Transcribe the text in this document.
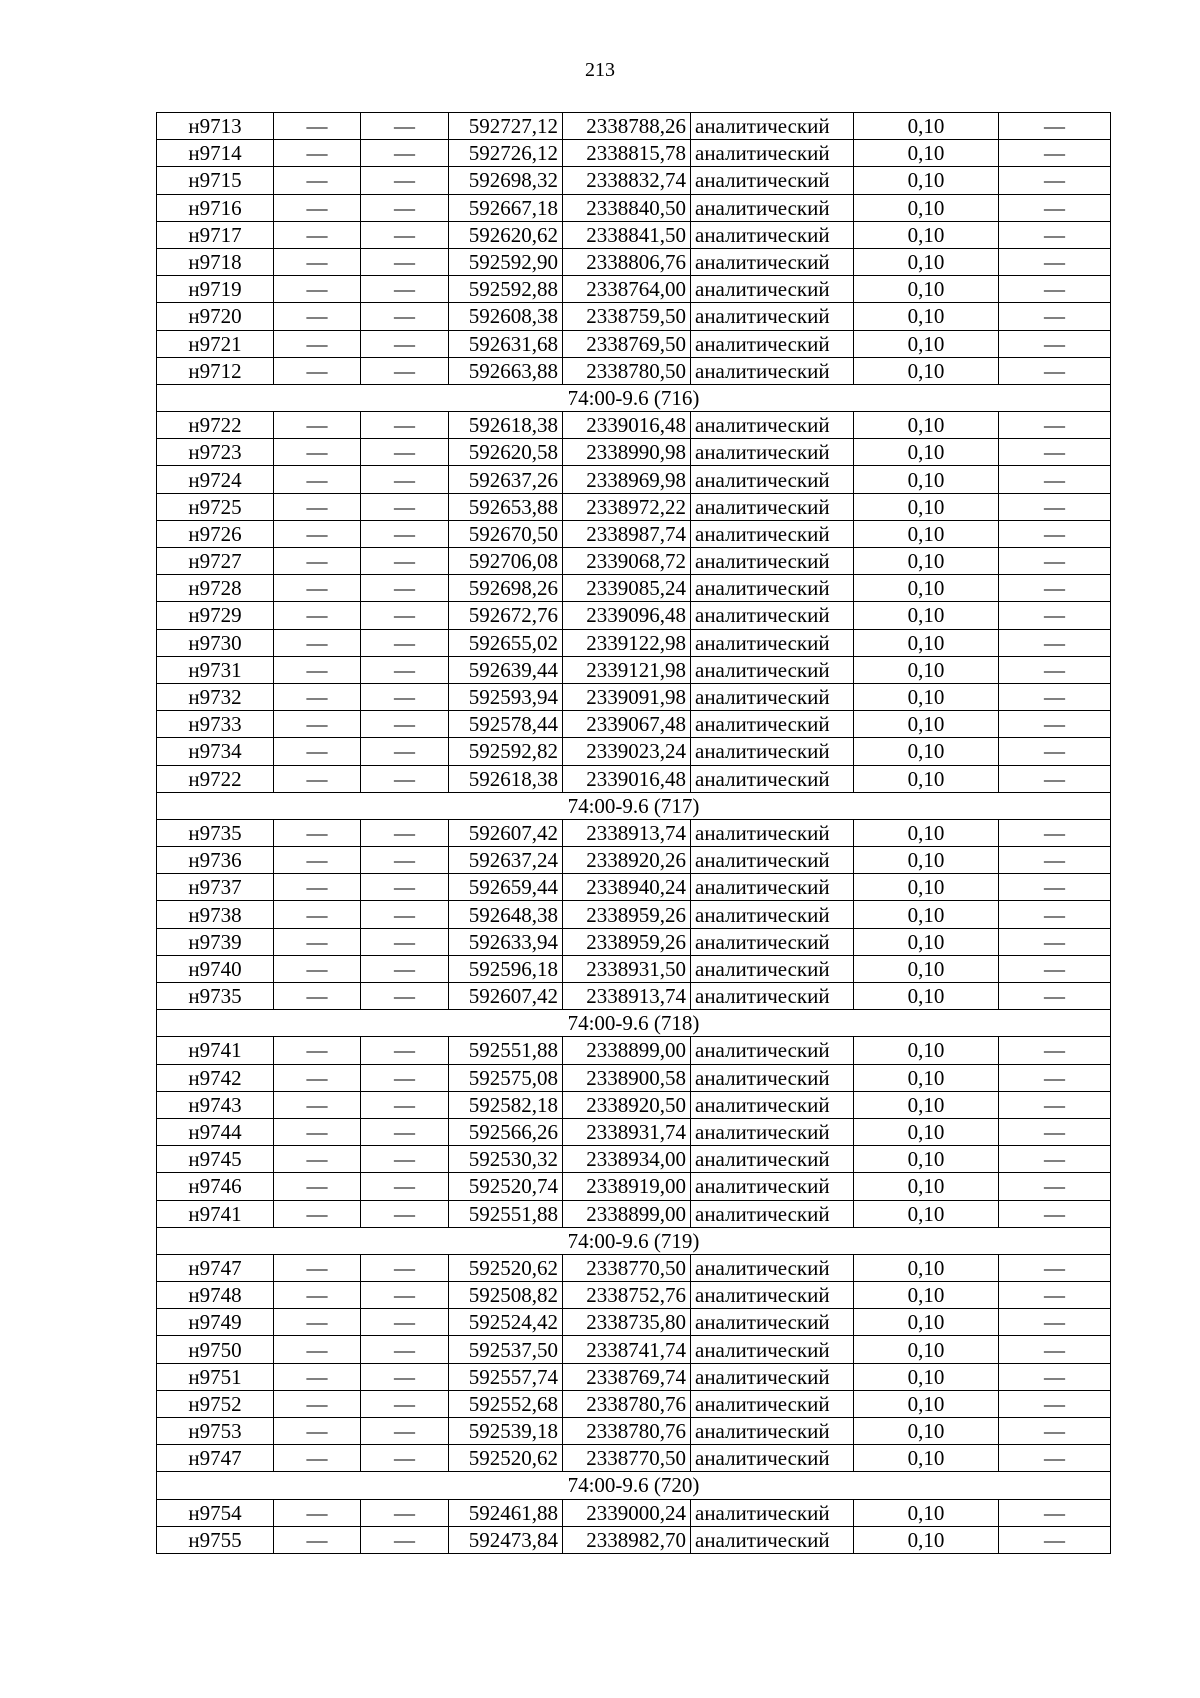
213
н9713	—	—	592727,12	2338788,26	аналитический	0,10	—
н9714	—	—	592726,12	2338815,78	аналитический	0,10	—
н9715	—	—	592698,32	2338832,74	аналитический	0,10	—
н9716	—	—	592667,18	2338840,50	аналитический	0,10	—
н9717	—	—	592620,62	2338841,50	аналитический	0,10	—
н9718	—	—	592592,90	2338806,76	аналитический	0,10	—
н9719	—	—	592592,88	2338764,00	аналитический	0,10	—
н9720	—	—	592608,38	2338759,50	аналитический	0,10	—
н9721	—	—	592631,68	2338769,50	аналитический	0,10	—
н9712	—	—	592663,88	2338780,50	аналитический	0,10	—
74:00-9.6 (716)							
н9722	—	—	592618,38	2339016,48	аналитический	0,10	—
н9723	—	—	592620,58	2338990,98	аналитический	0,10	—
н9724	—	—	592637,26	2338969,98	аналитический	0,10	—
н9725	—	—	592653,88	2338972,22	аналитический	0,10	—
н9726	—	—	592670,50	2338987,74	аналитический	0,10	—
н9727	—	—	592706,08	2339068,72	аналитический	0,10	—
н9728	—	—	592698,26	2339085,24	аналитический	0,10	—
н9729	—	—	592672,76	2339096,48	аналитический	0,10	—
н9730	—	—	592655,02	2339122,98	аналитический	0,10	—
н9731	—	—	592639,44	2339121,98	аналитический	0,10	—
н9732	—	—	592593,94	2339091,98	аналитический	0,10	—
н9733	—	—	592578,44	2339067,48	аналитический	0,10	—
н9734	—	—	592592,82	2339023,24	аналитический	0,10	—
н9722	—	—	592618,38	2339016,48	аналитический	0,10	—
74:00-9.6 (717)							
н9735	—	—	592607,42	2338913,74	аналитический	0,10	—
н9736	—	—	592637,24	2338920,26	аналитический	0,10	—
н9737	—	—	592659,44	2338940,24	аналитический	0,10	—
н9738	—	—	592648,38	2338959,26	аналитический	0,10	—
н9739	—	—	592633,94	2338959,26	аналитический	0,10	—
н9740	—	—	592596,18	2338931,50	аналитический	0,10	—
н9735	—	—	592607,42	2338913,74	аналитический	0,10	—
74:00-9.6 (718)							
н9741	—	—	592551,88	2338899,00	аналитический	0,10	—
н9742	—	—	592575,08	2338900,58	аналитический	0,10	—
н9743	—	—	592582,18	2338920,50	аналитический	0,10	—
н9744	—	—	592566,26	2338931,74	аналитический	0,10	—
н9745	—	—	592530,32	2338934,00	аналитический	0,10	—
н9746	—	—	592520,74	2338919,00	аналитический	0,10	—
н9741	—	—	592551,88	2338899,00	аналитический	0,10	—
74:00-9.6 (719)							
н9747	—	—	592520,62	2338770,50	аналитический	0,10	—
н9748	—	—	592508,82	2338752,76	аналитический	0,10	—
н9749	—	—	592524,42	2338735,80	аналитический	0,10	—
н9750	—	—	592537,50	2338741,74	аналитический	0,10	—
н9751	—	—	592557,74	2338769,74	аналитический	0,10	—
н9752	—	—	592552,68	2338780,76	аналитический	0,10	—
н9753	—	—	592539,18	2338780,76	аналитический	0,10	—
н9747	—	—	592520,62	2338770,50	аналитический	0,10	—
74:00-9.6 (720)							
н9754	—	—	592461,88	2339000,24	аналитический	0,10	—
н9755	—	—	592473,84	2338982,70	аналитический	0,10	—
